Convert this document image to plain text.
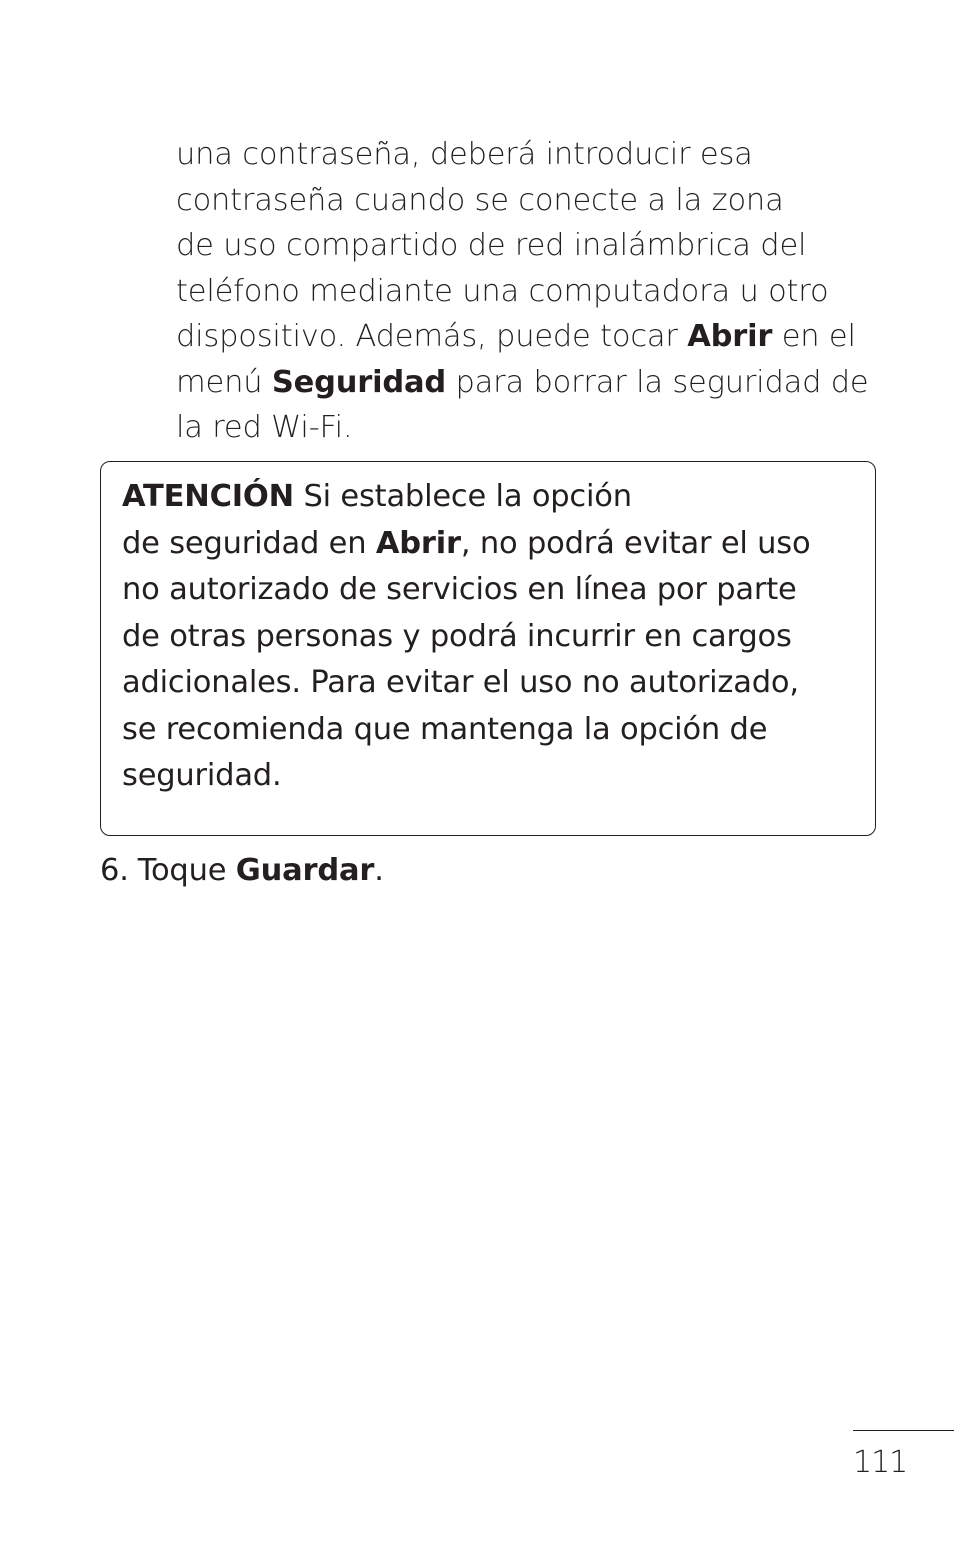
una contraseña, deberá introducir esa
contraseña cuando se conecte a la zona
de uso compartido de red inalámbrica del
teléfono mediante una computadora u otro
dispositivo. Además, puede tocar Abrir en el
menú Seguridad para borrar la seguridad de
la red Wi-Fi.
ATENCIÓN Si establece la opción
de seguridad en Abrir, no podrá evitar el uso
no autorizado de servicios en línea por parte
de otras personas y podrá incurrir en cargos
adicionales. Para evitar el uso no autorizado,
se recomienda que mantenga la opción de
seguridad.
6. Toque Guardar.
111
